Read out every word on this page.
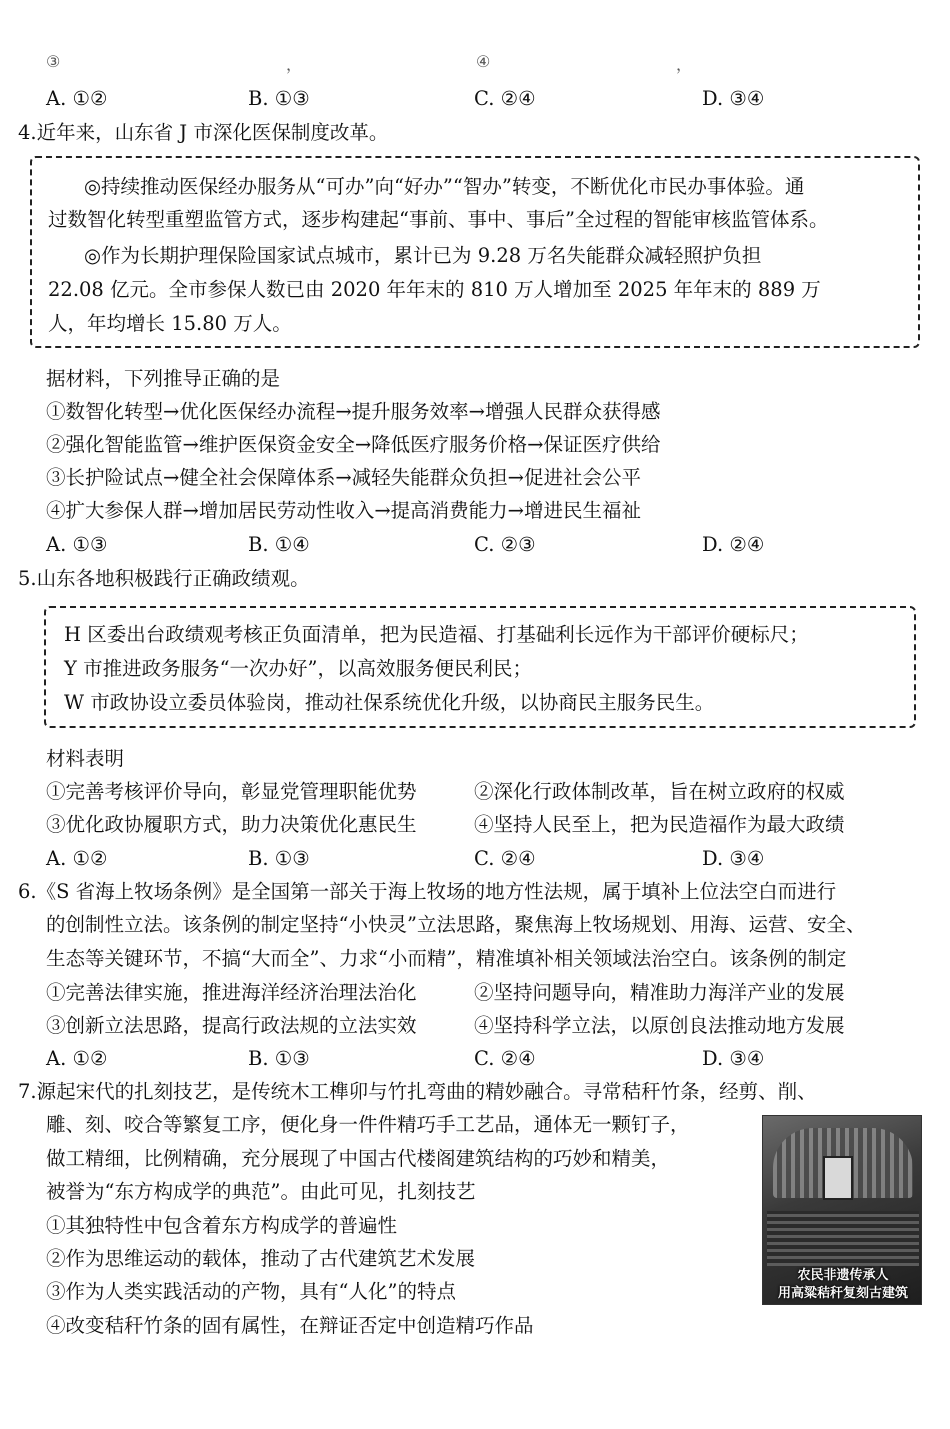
③	，	④	，
A. ①②	B. ①③	C. ②④	D. ③④
4.近年来，山东省 J 市深化医保制度改革。
◎持续推动医保经办服务从“可办”向“好办”“智办”转变，不断优化市民办事体验。通
过数智化转型重塑监管方式，逐步构建起“事前、事中、事后”全过程的智能审核监管体系。
◎作为长期护理保险国家试点城市，累计已为 9.28 万名失能群众减轻照护负担
22.08 亿元。全市参保人数已由 2020 年年末的 810 万人增加至 2025 年年末的 889 万
人，年均增长 15.80 万人。
据材料，下列推导正确的是
①数智化转型→优化医保经办流程→提升服务效率→增强人民群众获得感
②强化智能监管→维护医保资金安全→降低医疗服务价格→保证医疗供给
③长护险试点→健全社会保障体系→减轻失能群众负担→促进社会公平
④扩大参保人群→增加居民劳动性收入→提高消费能力→增进民生福祉
A. ①③	B. ①④	C. ②③	D. ②④
5.山东各地积极践行正确政绩观。
H 区委出台政绩观考核正负面清单，把为民造福、打基础利长远作为干部评价硬标尺；
Y 市推进政务服务“一次办好”，以高效服务便民利民；
W 市政协设立委员体验岗，推动社保系统优化升级，以协商民主服务民生。
材料表明
①完善考核评价导向，彰显党管理职能优势	②深化行政体制改革，旨在树立政府的权威
③优化政协履职方式，助力决策优化惠民生	④坚持人民至上，把为民造福作为最大政绩
A. ①②	B. ①③	C. ②④	D. ③④
6.《S 省海上牧场条例》是全国第一部关于海上牧场的地方性法规，属于填补上位法空白而进行
的创制性立法。该条例的制定坚持“小快灵”立法思路，聚焦海上牧场规划、用海、运营、安全、
生态等关键环节，不搞“大而全”、力求“小而精”，精准填补相关领域法治空白。该条例的制定
①完善法律实施，推进海洋经济治理法治化	②坚持问题导向，精准助力海洋产业的发展
③创新立法思路，提高行政法规的立法实效	④坚持科学立法，以原创良法推动地方发展
A. ①②	B. ①③	C. ②④	D. ③④
7.源起宋代的扎刻技艺，是传统木工榫卯与竹扎弯曲的精妙融合。寻常秸秆竹条，经剪、削、
雕、刻、咬合等繁复工序，便化身一件件精巧手工艺品，通体无一颗钉子，
做工精细，比例精确，充分展现了中国古代楼阁建筑结构的巧妙和精美，
被誉为“东方构成学的典范”。由此可见，扎刻技艺
①其独特性中包含着东方构成学的普遍性
②作为思维运动的载体，推动了古代建筑艺术发展
③作为人类实践活动的产物，具有“人化”的特点
④改变秸秆竹条的固有属性，在辩证否定中创造精巧作品
农民非遗传承人
用高粱秸秆复刻古建筑
